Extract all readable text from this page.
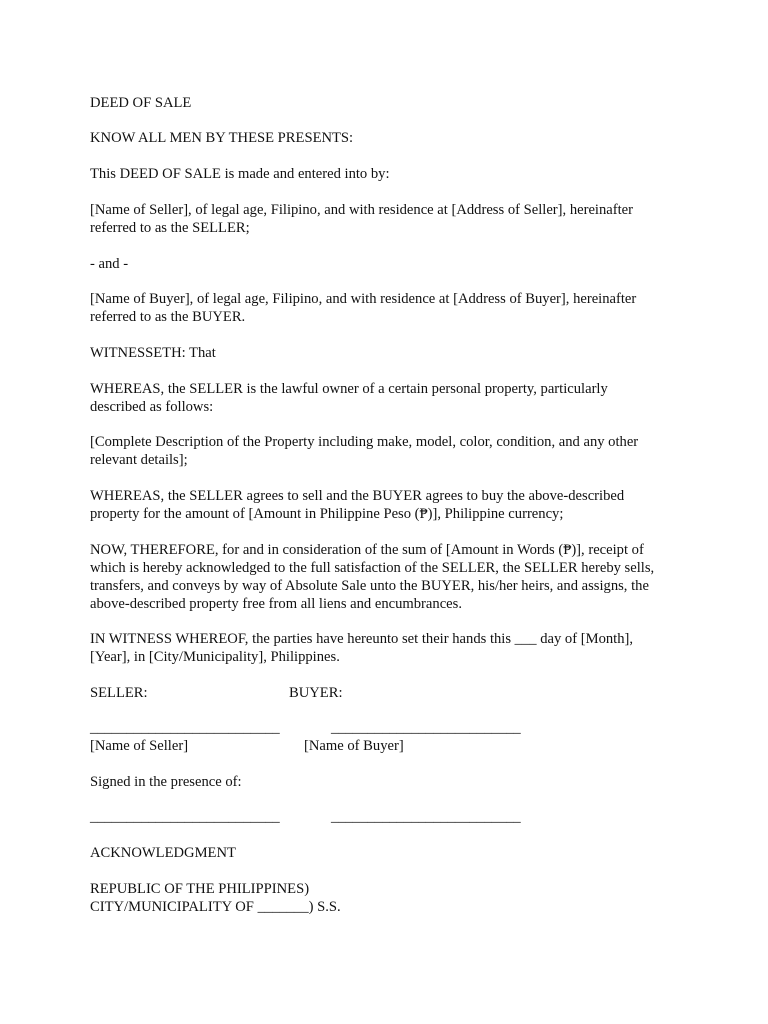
DEED OF SALE

KNOW ALL MEN BY THESE PRESENTS:

This DEED OF SALE is made and entered into by:

[Name of Seller], of legal age, Filipino, and with residence at [Address of Seller], hereinafter

referred to as the SELLER;

- and -

[Name of Buyer], of legal age, Filipino, and with residence at [Address of Buyer], hereinafter

referred to as the BUYER.

WITNESSETH: That

WHEREAS, the SELLER is the lawful owner of a certain personal property, particularly

described as follows:

[Complete Description of the Property including make, model, color, condition, and any other

relevant details];

WHEREAS, the SELLER agrees to sell and the BUYER agrees to buy the above-described

property for the amount of [Amount in Philippine Peso (₱)], Philippine currency;

NOW, THEREFORE, for and in consideration of the sum of [Amount in Words (₱)], receipt of

which is hereby acknowledged to the full satisfaction of the SELLER, the SELLER hereby sells,

transfers, and conveys by way of Absolute Sale unto the BUYER, his/her heirs, and assigns, the

above-described property free from all liens and encumbrances.

IN WITNESS WHEREOF, the parties have hereunto set their hands this ___ day of [Month],

[Year], in [City/Municipality], Philippines.

SELLER:	BUYER:

__________________________	__________________________

[Name of Seller]	[Name of Buyer]

Signed in the presence of:

__________________________	__________________________

ACKNOWLEDGMENT

REPUBLIC OF THE PHILIPPINES)

CITY/MUNICIPALITY OF _______) S.S.
